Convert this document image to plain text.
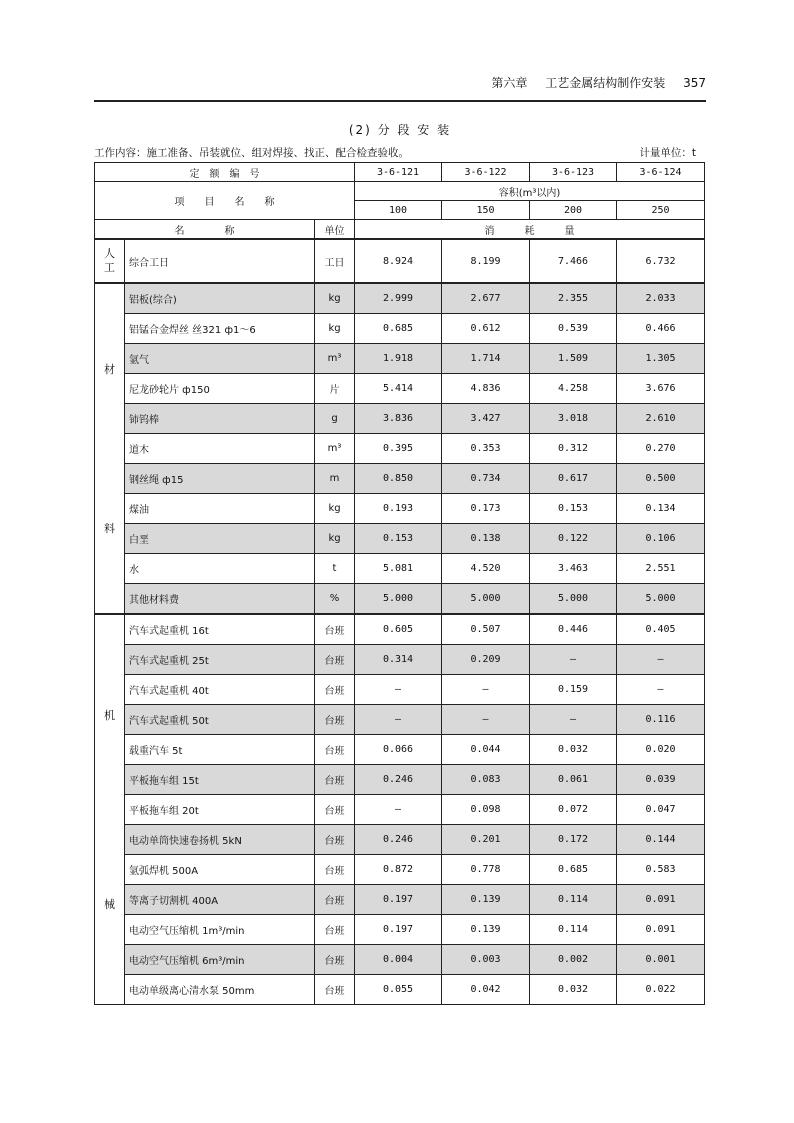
第六章 工艺金属结构制作安装 357
(2) 分 段 安 装
工作内容：施工准备、吊装就位、组对焊接、找正、配合检查验收。	计量单位：t
定　额　编　号			3-6-121	3-6-122	3-6-123	3-6-124
项　　目　　名　　称			容积(m³以内)			
			100	150	200	250
名　　　　称		单位	消　　　耗　　　量			
人工	综合工日	工日	8.924	8.199	7.466	6.732

材
料	铝板(综合)	kg	2.999	2.677	2.355	2.033
	铝锰合金焊丝 丝321 ф1～6	kg	0.685	0.612	0.539	0.466
	氩气	m³	1.918	1.714	1.509	1.305
	尼龙砂轮片 ф150	片	5.414	4.836	4.258	3.676
	铈钨棒	g	3.836	3.427	3.018	2.610
	道木	m³	0.395	0.353	0.312	0.270
	钢丝绳 ф15	m	0.850	0.734	0.617	0.500
	煤油	kg	0.193	0.173	0.153	0.134
	白垩	kg	0.153	0.138	0.122	0.106
	水	t	5.081	4.520	3.463	2.551
	其他材料费	%	5.000	5.000	5.000	5.000

机
械	汽车式起重机 16t	台班	0.605	0.507	0.446	0.405
	汽车式起重机 25t	台班	0.314	0.209	—	—
	汽车式起重机 40t	台班	—	—	0.159	—
	汽车式起重机 50t	台班	—	—	—	0.116
	载重汽车 5t	台班	0.066	0.044	0.032	0.020
	平板拖车组 15t	台班	0.246	0.083	0.061	0.039
	平板拖车组 20t	台班	—	0.098	0.072	0.047
	电动单筒快速卷扬机 5kN	台班	0.246	0.201	0.172	0.144
	氩弧焊机 500A	台班	0.872	0.778	0.685	0.583
	等离子切割机 400A	台班	0.197	0.139	0.114	0.091
	电动空气压缩机 1m³/min	台班	0.197	0.139	0.114	0.091
	电动空气压缩机 6m³/min	台班	0.004	0.003	0.002	0.001
	电动单级离心清水泵 50mm	台班	0.055	0.042	0.032	0.022
